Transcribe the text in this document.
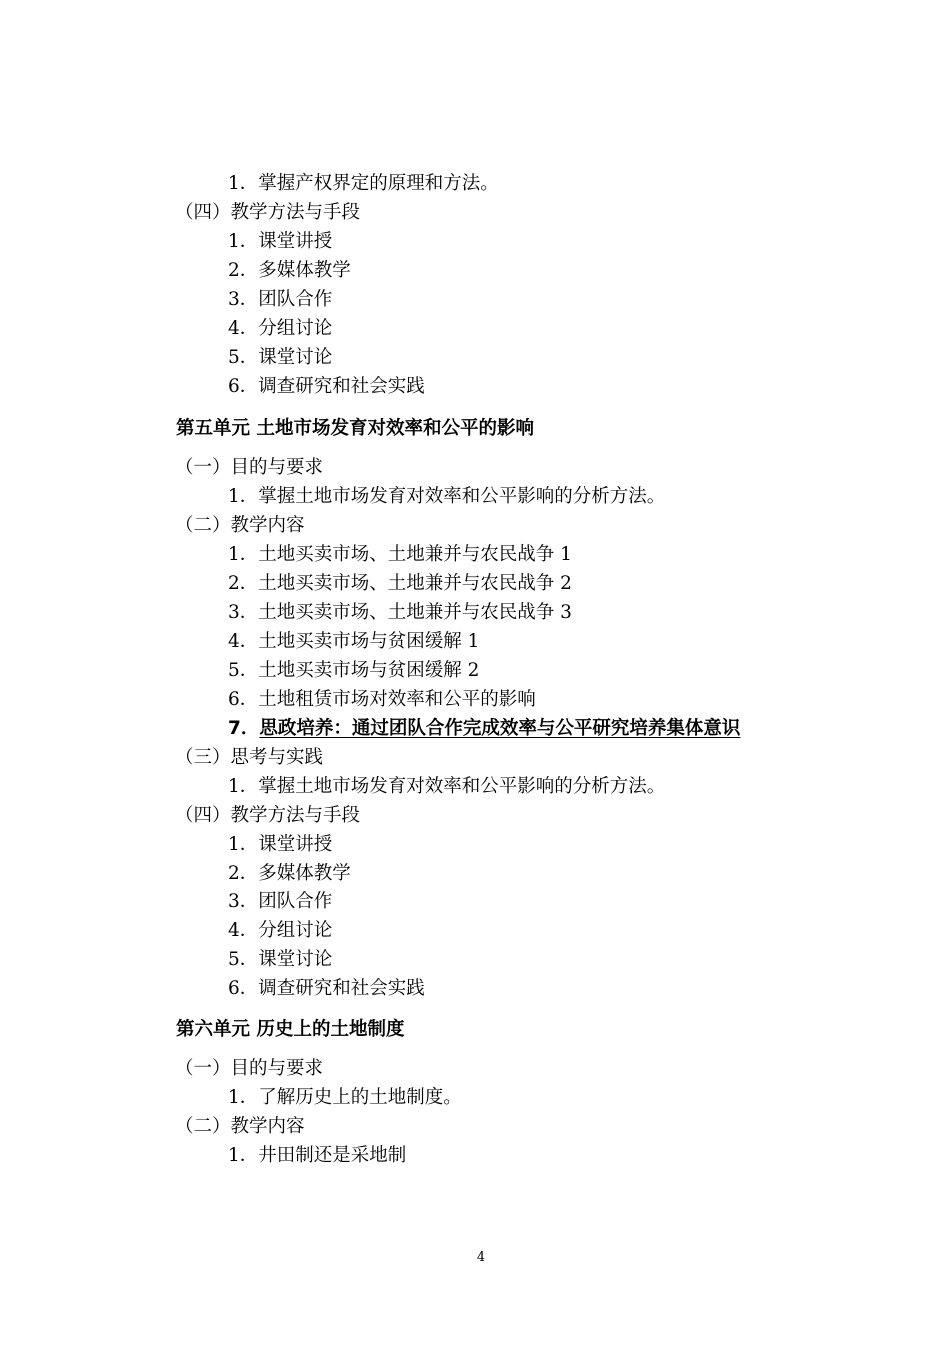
1．掌握产权界定的原理和方法。
（四）教学方法与手段
1．课堂讲授
2．多媒体教学
3．团队合作
4．分组讨论
5．课堂讨论
6．调查研究和社会实践
第五单元 土地市场发育对效率和公平的影响
（一）目的与要求
1．掌握土地市场发育对效率和公平影响的分析方法。
（二）教学内容
1．土地买卖市场、土地兼并与农民战争 1
2．土地买卖市场、土地兼并与农民战争 2
3．土地买卖市场、土地兼并与农民战争 3
4．土地买卖市场与贫困缓解 1
5．土地买卖市场与贫困缓解 2
6．土地租赁市场对效率和公平的影响
7．思政培养：通过团队合作完成效率与公平研究培养集体意识
（三）思考与实践
1．掌握土地市场发育对效率和公平影响的分析方法。
（四）教学方法与手段
1．课堂讲授
2．多媒体教学
3．团队合作
4．分组讨论
5．课堂讨论
6．调查研究和社会实践
第六单元 历史上的土地制度
（一）目的与要求
1．了解历史上的土地制度。
（二）教学内容
1．井田制还是采地制
4
